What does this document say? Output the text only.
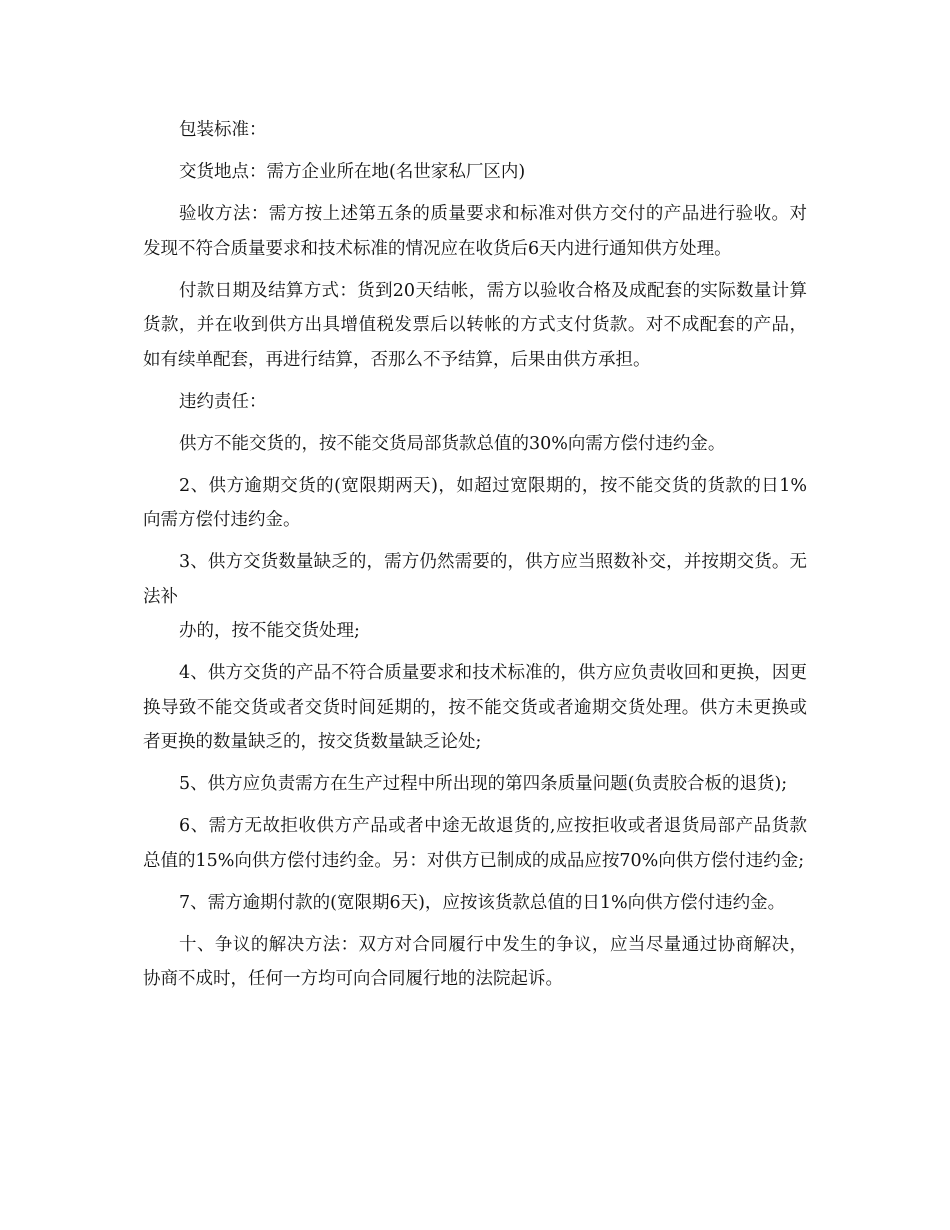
包装标准：

交货地点：需方企业所在地(名世家私厂区内)

验收方法：需方按上述第五条的质量要求和标准对供方交付的产品进行验收。对发现不符合质量要求和技术标准的情况应在收货后6天内进行通知供方处理。

付款日期及结算方式：货到20天结帐，需方以验收合格及成配套的实际数量计算货款，并在收到供方出具增值税发票后以转帐的方式支付货款。对不成配套的产品，如有续单配套，再进行结算，否那么不予结算，后果由供方承担。

违约责任：

供方不能交货的，按不能交货局部货款总值的30%向需方偿付违约金。

2、供方逾期交货的(宽限期两天)，如超过宽限期的，按不能交货的货款的日1%向需方偿付违约金。

3、供方交货数量缺乏的，需方仍然需要的，供方应当照数补交，并按期交货。无法补

办的，按不能交货处理;

4、供方交货的产品不符合质量要求和技术标准的，供方应负责收回和更换，因更换导致不能交货或者交货时间延期的，按不能交货或者逾期交货处理。供方未更换或者更换的数量缺乏的，按交货数量缺乏论处;

5、供方应负责需方在生产过程中所出现的第四条质量问题(负责胶合板的退货);

6、需方无故拒收供方产品或者中途无故退货的,应按拒收或者退货局部产品货款总值的15%向供方偿付违约金。另：对供方已制成的成品应按70%向供方偿付违约金;

7、需方逾期付款的(宽限期6天)，应按该货款总值的日1%向供方偿付违约金。

十、争议的解决方法：双方对合同履行中发生的争议，应当尽量通过协商解决，协商不成时，任何一方均可向合同履行地的法院起诉。
